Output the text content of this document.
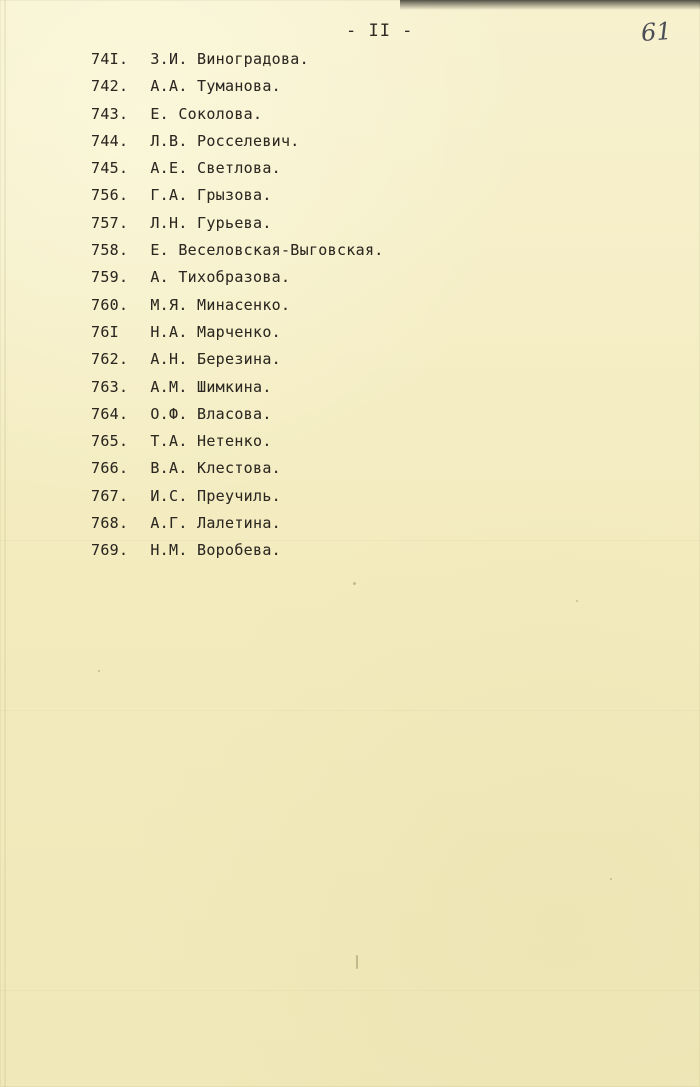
- II -	61
74I. З.И. Виноградова.
742. А.А. Туманова.
743. Е. Соколова.
744. Л.В. Росселевич.
745. А.Е. Светлова.
756. Г.А. Грызова.
757. Л.Н. Гурьева.
758. Е. Веселовская-Выговская.
759. А. Тихобразова.
760. М.Я. Минасенко.
76I Н.А. Марченко.
762. А.Н. Березина.
763. А.М. Шимкина.
764. О.Ф. Власова.
765. Т.А. Нетенко.
766. В.А. Клестова.
767. И.С. Преучиль.
768. А.Г. Лалетина.
769. Н.М. Воробева.
